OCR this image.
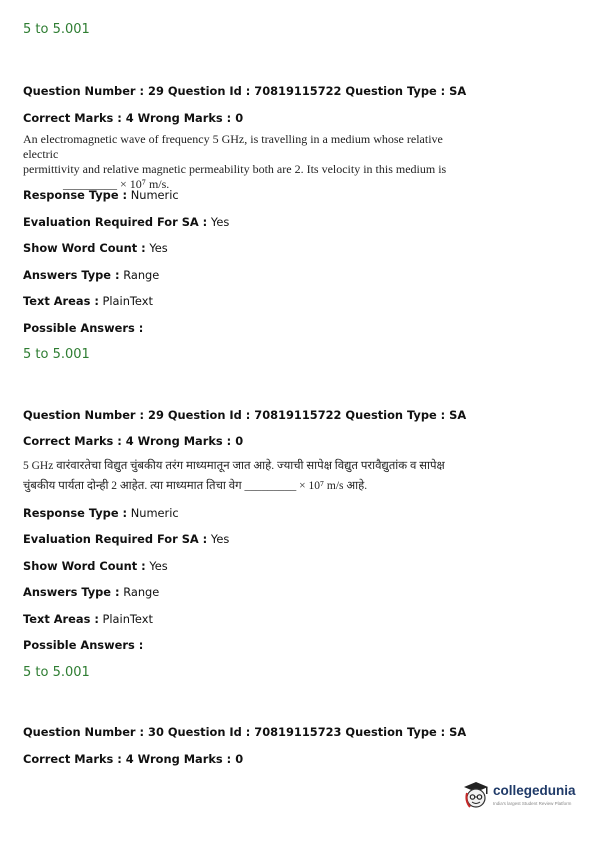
5 to 5.001
Question Number : 29 Question Id : 70819115722 Question Type : SA
Correct Marks : 4 Wrong Marks : 0
An electromagnetic wave of frequency 5 GHz, is travelling in a medium whose relative electric
permittivity and relative magnetic permeability both are 2. Its velocity in this medium is
_________ × 10⁷ m/s.
Response Type : Numeric
Evaluation Required For SA : Yes
Show Word Count : Yes
Answers Type : Range
Text Areas : PlainText
Possible Answers :
5 to 5.001
Question Number : 29 Question Id : 70819115722 Question Type : SA
Correct Marks : 4 Wrong Marks : 0
5 GHz वारंवारतेचा विद्युत चुंबकीय तरंग माध्यमातून जात आहे. ज्याची सापेक्ष विद्युत परावैद्युतांक व सापेक्ष
चुंबकीय पार्यता दोन्ही 2 आहेत. त्या माध्यमात तिचा वेग _________ × 10⁷ m/s आहे.
Response Type : Numeric
Evaluation Required For SA : Yes
Show Word Count : Yes
Answers Type : Range
Text Areas : PlainText
Possible Answers :
5 to 5.001
Question Number : 30 Question Id : 70819115723 Question Type : SA
Correct Marks : 4 Wrong Marks : 0
collegedunia
India's largest Student Review Platform
